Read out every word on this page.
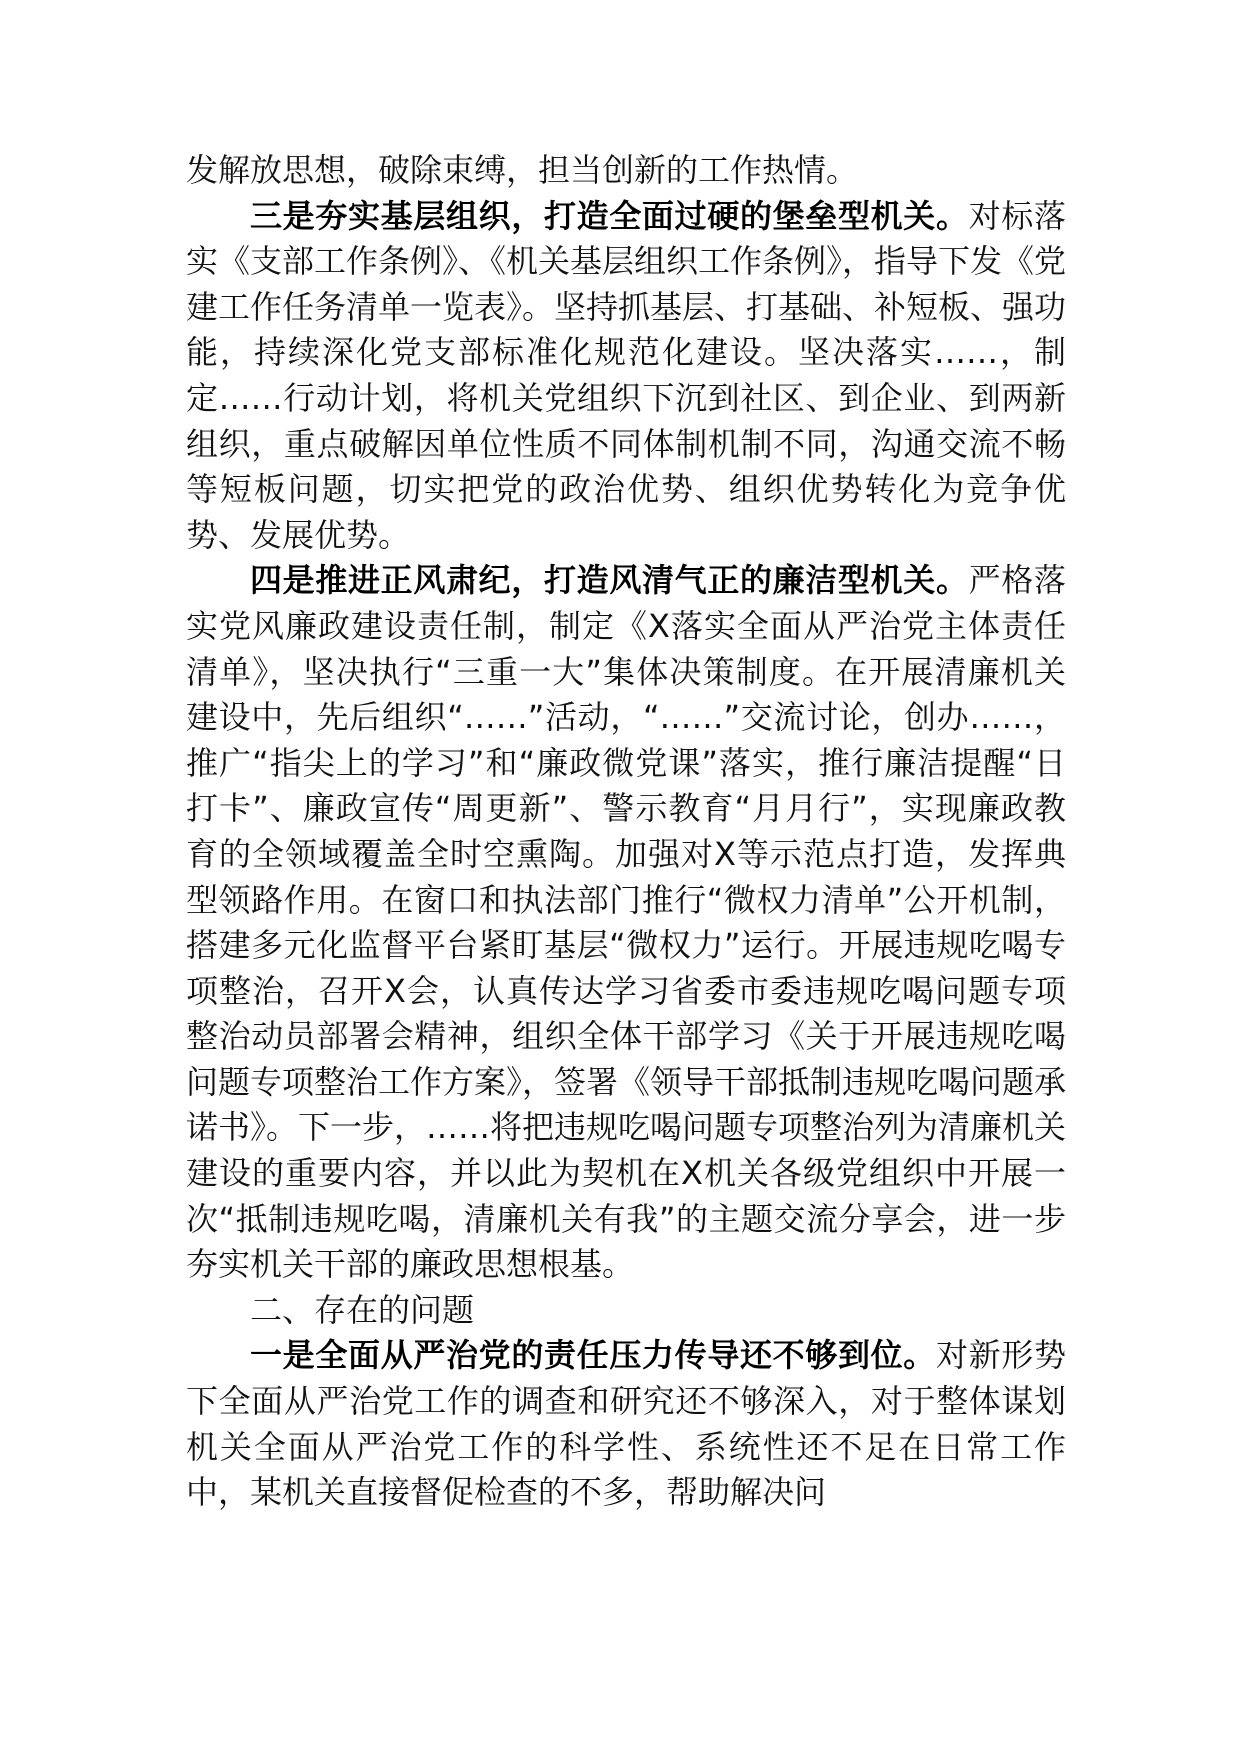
发解放思想，破除束缚，担当创新的工作热情。

三是夯实基层组织，打造全面过硬的堡垒型机关。对标落实《支部工作条例》、《机关基层组织工作条例》，指导下发《党建工作任务清单一览表》。坚持抓基层、打基础、补短板、强功能，持续深化党支部标准化规范化建设。坚决落实……，制定……行动计划，将机关党组织下沉到社区、到企业、到两新组织，重点破解因单位性质不同体制机制不同，沟通交流不畅等短板问题，切实把党的政治优势、组织优势转化为竞争优势、发展优势。

四是推进正风肃纪，打造风清气正的廉洁型机关。严格落实党风廉政建设责任制，制定《X落实全面从严治党主体责任清单》，坚决执行“三重一大”集体决策制度。在开展清廉机关建设中，先后组织“……”活动，“……”交流讨论，创办……，推广“指尖上的学习”和“廉政微党课”落实，推行廉洁提醒“日打卡”、廉政宣传“周更新”、警示教育“月月行”，实现廉政教育的全领域覆盖全时空熏陶。加强对X等示范点打造，发挥典型领路作用。在窗口和执法部门推行“微权力清单”公开机制，搭建多元化监督平台紧盯基层“微权力”运行。开展违规吃喝专项整治，召开X会，认真传达学习省委市委违规吃喝问题专项整治动员部署会精神，组织全体干部学习《关于开展违规吃喝问题专项整治工作方案》，签署《领导干部抵制违规吃喝问题承诺书》。下一步，……将把违规吃喝问题专项整治列为清廉机关建设的重要内容，并以此为契机在X机关各级党组织中开展一次“抵制违规吃喝，清廉机关有我”的主题交流分享会，进一步夯实机关干部的廉政思想根基。

二、存在的问题

一是全面从严治党的责任压力传导还不够到位。对新形势下全面从严治党工作的调查和研究还不够深入，对于整体谋划机关全面从严治党工作的科学性、系统性还不足在日常工作中，某机关直接督促检查的不多，帮助解决问
